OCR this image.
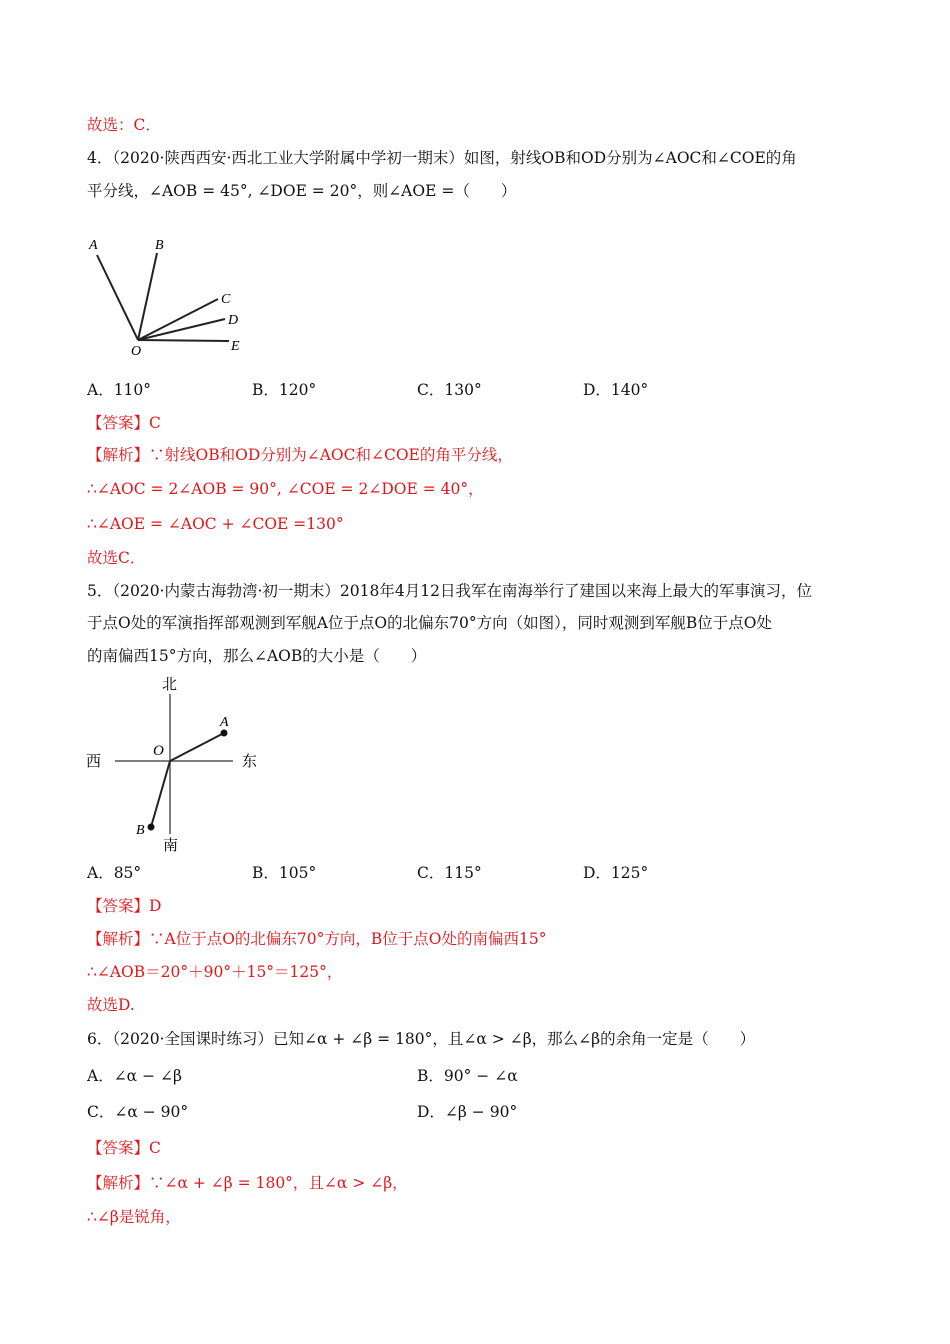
故选：C．
4．（2020·陕西西安·西北工业大学附属中学初一期末）如图，射线OB和OD分别为∠AOC和∠COE的角
平分线，∠AOB = 45°, ∠DOE = 20°，则∠AOE =（　　）
A	B
C
D
E
O
A．110°	B．120°	C．130°	D．140°
【答案】C
【解析】∵射线OB和OD分别为∠AOC和∠COE的角平分线，
∴∠AOC = 2∠AOB = 90°, ∠COE = 2∠DOE = 40°，
∴∠AOE = ∠AOC + ∠COE =130°
故选C．
5．（2020·内蒙古海勃湾·初一期末）2018年4月12日我军在南海举行了建国以来海上最大的军事演习，位
于点O处的军演指挥部观测到军舰A位于点O的北偏东70°方向（如图），同时观测到军舰B位于点O处
的南偏西15°方向，那么∠AOB的大小是（　　）
北
南
西	东
O
A
B
A．85°	B．105°	C．115°	D．125°
【答案】D
【解析】∵A位于点O的北偏东70°方向，B位于点O处的南偏西15°
∴∠AOB＝20°＋90°＋15°＝125°，
故选D.
6．（2020·全国课时练习）已知∠α + ∠β = 180°，且∠α > ∠β，那么∠β的余角一定是（　　）
A．∠α − ∠β	B．90° − ∠α
C．∠α − 90°	D．∠β − 90°
【答案】C
【解析】∵∠α + ∠β = 180°，且∠α > ∠β，
∴∠β是锐角，
